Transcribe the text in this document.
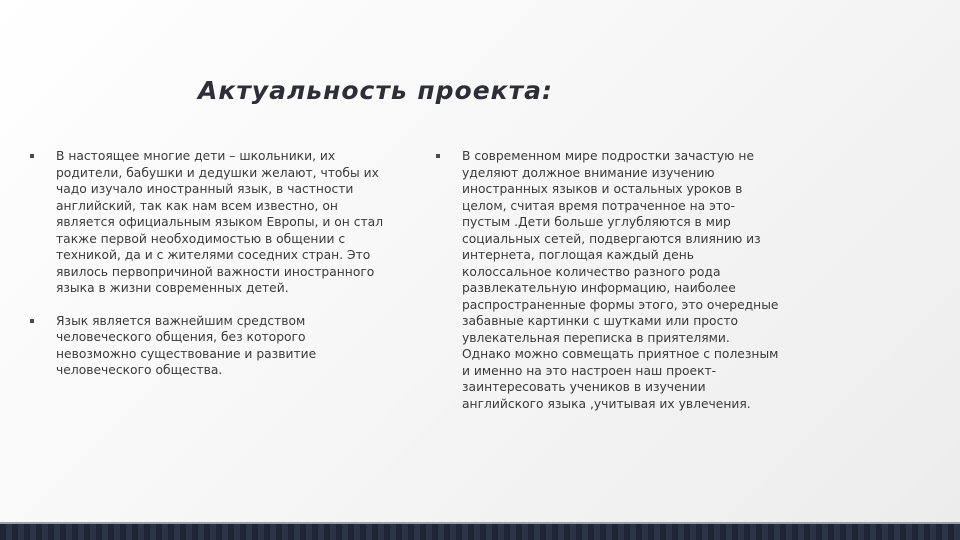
Актуальность проекта:
В настоящее многие дети – школьники, их родители, бабушки и дедушки желают, чтобы их чадо изучало иностранный язык, в частности английский, так как нам всем известно, он является официальным языком Европы, и он стал также первой необходимостью в общении с техникой, да и с жителями соседних стран. Это явилось первопричиной важности иностранного языка в жизни современных детей.
Язык является важнейшим средством человеческого общения, без которого невозможно существование и развитие человеческого общества.
В современном мире подростки зачастую не уделяют должное внимание изучению иностранных языков и остальных уроков в целом, считая время потраченное на это- пустым .Дети больше углубляются в мир социальных сетей, подвергаются влиянию из интернета, поглощая каждый день колоссальное количество разного рода развлекательную информацию, наиболее распространенные формы этого, это очередные забавные картинки с шутками или просто увлекательная переписка в приятелями. Однако можно совмещать приятное с полезным и именно на это настроен наш проект- заинтересовать учеников в изучении английского языка ,учитывая их увлечения.
